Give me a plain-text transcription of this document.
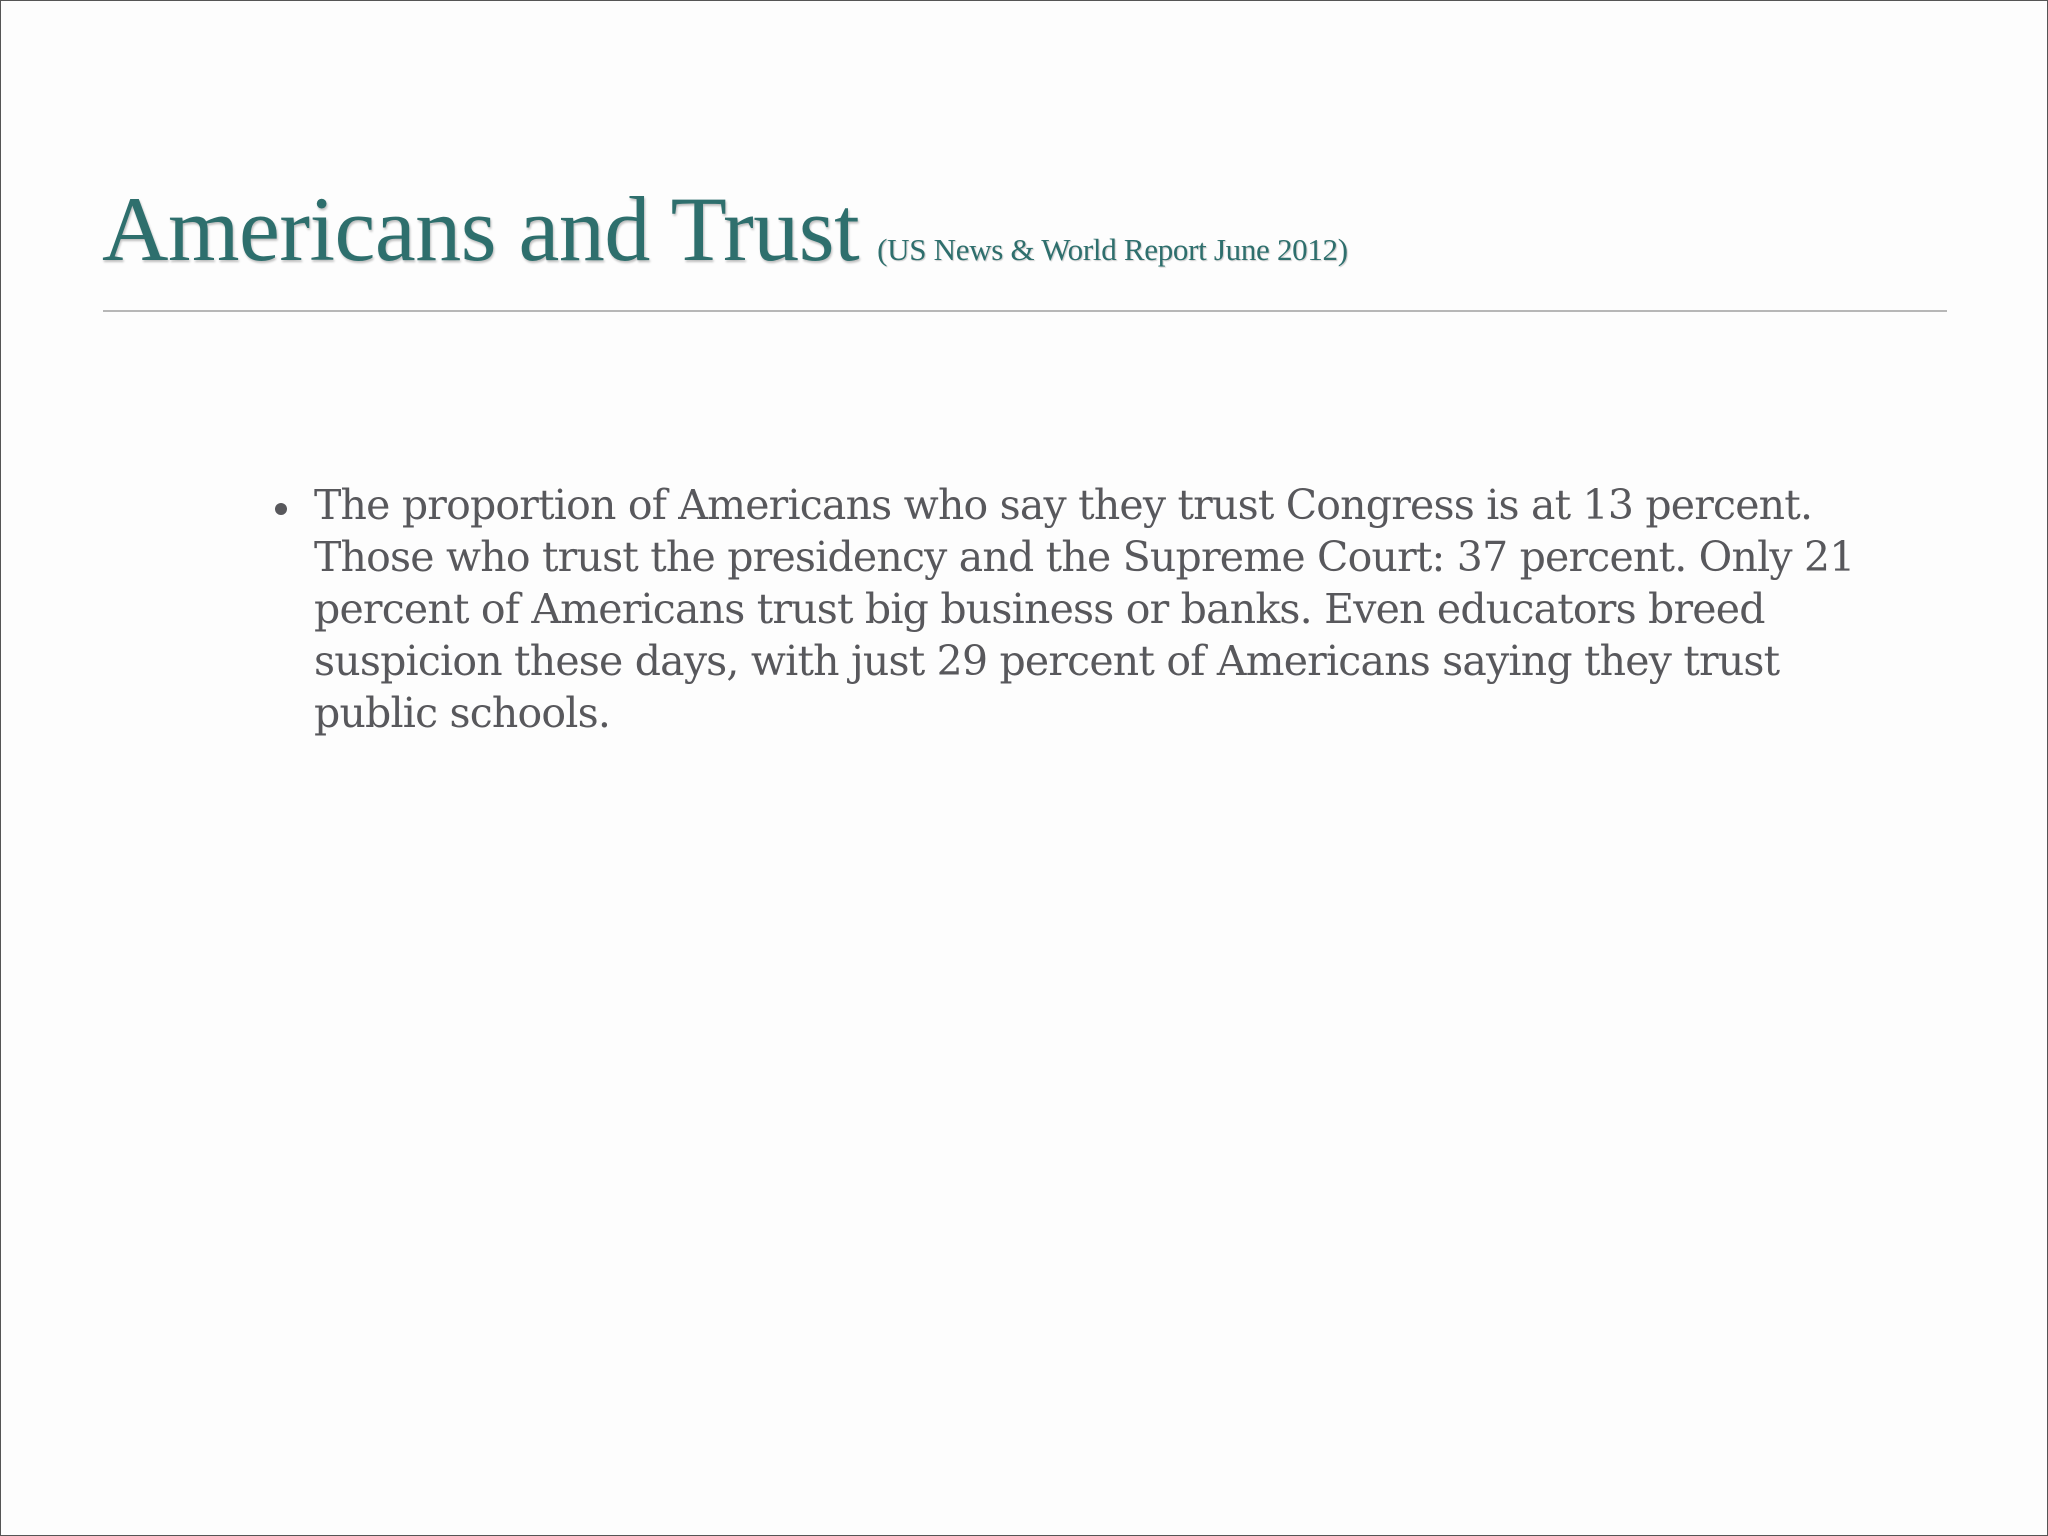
Americans and Trust (US News & World Report June 2012)
The proportion of Americans who say they trust Congress is at 13 percent. Those who trust the presidency and the Supreme Court: 37 percent. Only 21 percent of Americans trust big business or banks. Even educators breed suspicion these days, with just 29 percent of Americans saying they trust public schools.
